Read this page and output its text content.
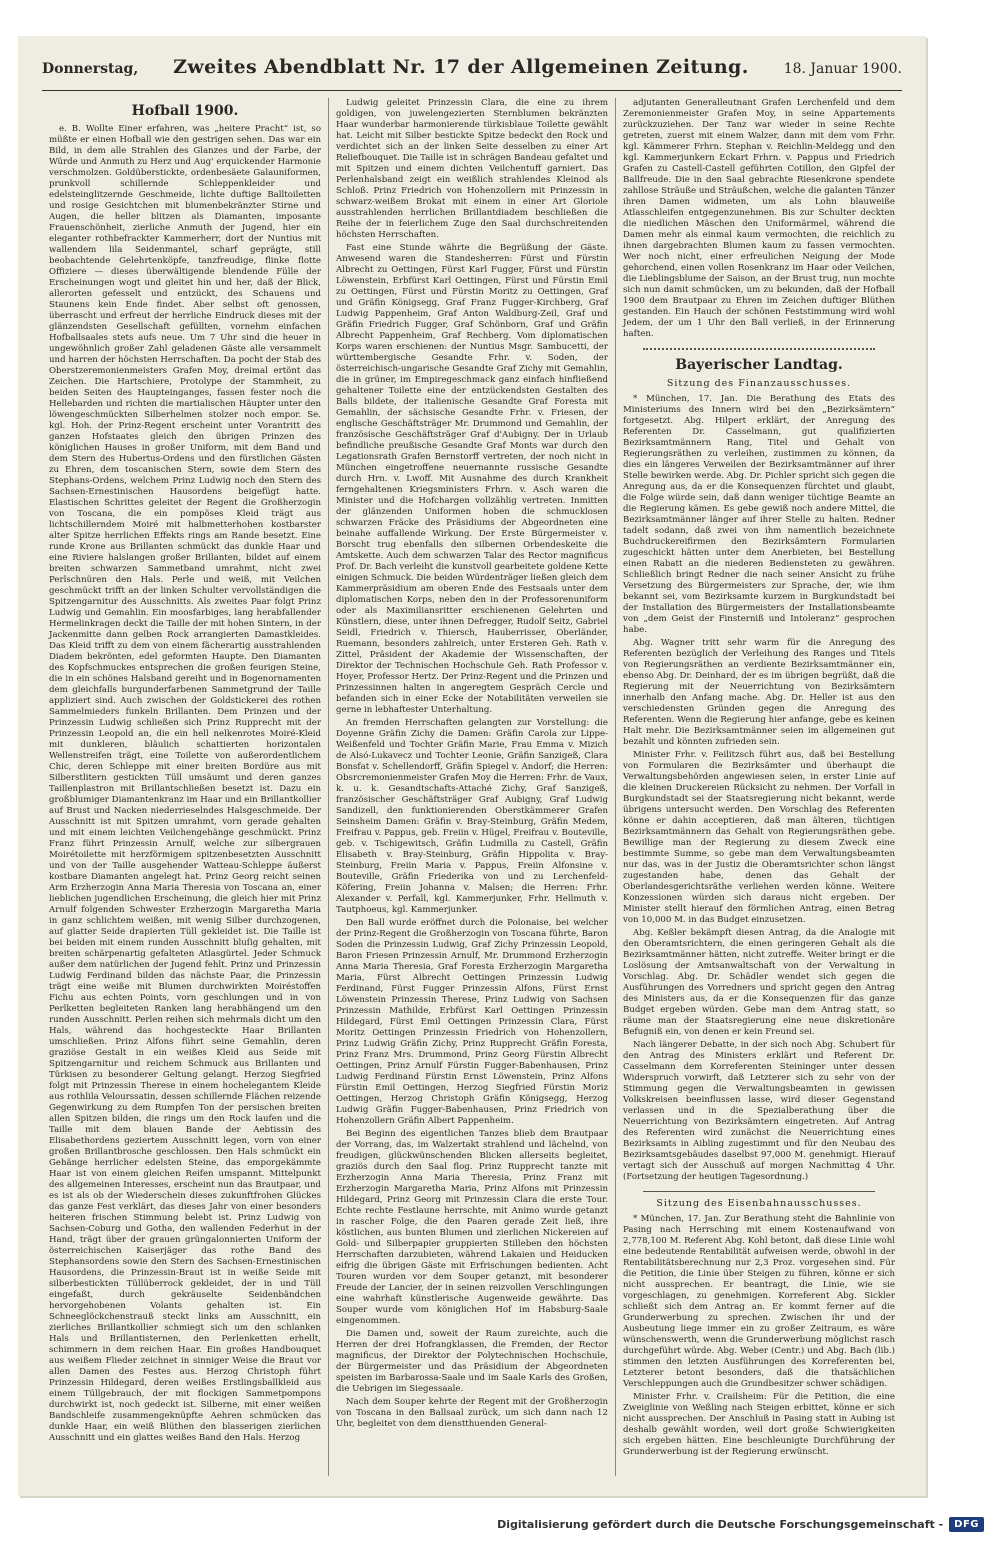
Donnerstag, Zweites Abendblatt Nr. 17 der Allgemeinen Zeitung. 18. Januar 1900.
Hofball 1900.

e. B. Wollte Einer erfahren, was „heitere Pracht“ ist, so müßte er einen Hofball wie den gestrigen sehen. Das war ein Bild, in dem alle Strahlen des Glanzes und der Farbe, der Würde und Anmuth zu Herz und Aug' erquickender Harmonie verschmolzen. Goldüberstickte, ordenbesäete Galauniformen, prunkvoll schillernde Schleppenkleider und edelsteinglitzernde Geschmeide, lichte duftige Balltoiletten und rosige Gesichtchen mit blumenbekränzter Stirne und Augen, die heller blitzen als Diamanten, imposante Frauenschönheit, zierliche Anmuth der Jugend, hier ein eleganter rothbefrackter Kammerherr, dort der Nuntius mit wallendem lila Seidenmantel, scharf geprägte, still beobachtende Gelehrtenköpfe, tanzfreudige, flinke flotte Offiziere — dieses überwältigende blendende Fülle der Erscheinungen wogt und gleitet hin und her, daß der Blick, allerorten gefesselt und entzückt, des Schauens und Staunens kein Ende findet. Aber selbst oft genossen, überrascht und erfreut der herrliche Eindruck dieses mit der glänzendsten Gesellschaft gefüllten, vornehm einfachen Hofballsaales stets aufs neue. Um 7 Uhr sind die heuer in ungewöhnlich großer Zahl geladenen Gäste alle versammelt und harren der höchsten Herrschaften. Da pocht der Stab des Oberstzeremonienmeisters Grafen Moy, dreimal ertönt das Zeichen. Die Hartschiere, Protolype der Stammheit, zu beiden Seiten des Haupteinganges, fassen fester noch die Hellebarden und richten die martialischen Häupter unter den löwengeschmückten Silberhelmen stolzer noch empor. Se. kgl. Hoh. der Prinz-Regent erscheint unter Vorantritt des ganzen Hofstaates gleich den übrigen Prinzen des königlichen Hauses in großer Uniform, mit dem Band und dem Stern des Hubertus-Ordens und den fürstlichen Gästen zu Ehren, dem toscanischen Stern, sowie dem Stern des Stephans-Ordens, welchem Prinz Ludwig noch den Stern des Sachsen-Ernestinischen Hausordens beigefügt hatte. Elastischen Schrittes geleitet der Regent die Großherzogin von Toscana, die ein pompöses Kleid trägt aus lichtschillerndem Moiré mit halbmetterhohen kostbarster alter Spitze herrlichen Effekts rings am Rande besetzt. Eine runde Krone aus Brillanten schmückt das dunkle Haar und eine Riviere halslangen großer Brillanten, bildet auf einem breiten schwarzen Sammetband umrahmt, nicht zwei Perlschnüren den Hals. Perle und weiß, mit Veilchen geschmückt trifft an der linken Schulter vervollständigen die Spitzengarnitur des Ausschnitts. Als zweites Paar folgt Prinz Ludwig und Gemahlin. Ein moosfarbiges, lang herabfallender Hermelinkragen deckt die Taille der mit hohen Sintern, in der Jackenmitte dann gelben Rock arrangierten Damastkleides. Das Kleid trifft zu dem von einem fächerartig ausstrahlenden Diadem bekrönten, edel geformten Haupte. Den Diamanten des Kopfschmuckes entsprechen die großen feurigen Steine, die in ein schönes Halsband gereiht und in Bogenornamenten dem gleichfalls burgunderfarbenen Sammetgrund der Taille appliziert sind. Auch zwischen der Goldstickerei des rothen Sammelmieders funkeln Brillanten. Dem Prinzen und der Prinzessin Ludwig schließen sich Prinz Rupprecht mit der Prinzessin Leopold an, die ein hell nelkenrotes Moiré-Kleid mit dunkleren, bläulich schattierten horizontalen Wellenstreifen trägt, eine Toilette von außerordentlichem Chic, deren Schleppe mit einer breiten Bordüre aus mit Silberstlitern gestickten Tüll umsäumt und deren ganzes Taillenplastron mit Brillantschließen besetzt ist. Dazu ein großblumiger Diamantenkranz im Haar und ein Brillantkollier auf Brust und Nacken niederrieselndes Halsgeschmeide. Der Ausschnitt ist mit Spitzen umrahmt, vorn gerade gehalten und mit einem leichten Veilchengehänge geschmückt. Prinz Franz führt Prinzessin Arnulf, welche zur silbergrauen Moirétoilette mit herzförmigem spitzenbesetzten Ausschnitt und von der Taille ausgehender Watteau-Schleppe äußerst kostbare Diamanten angelegt hat. Prinz Georg reicht seinen Arm Erzherzogin Anna Maria Theresia von Toscana an, einer lieblichen jugendlichen Erscheinung, die gleich hier mit Prinz Arnulf folgenden Schwester Erzherzogin Margaretha Maria in ganz schlichtem weißen, mit wenig Silber durchzogenen, auf glatter Seide drapierten Tüll gekleidet ist. Die Taille ist bei beiden mit einem runden Ausschnitt bluſig gehalten, mit breiten schärpenartig gefalteten Atlasgürtel. Jeder Schmuck außer dem natürlichen der Jugend fehlt. Prinz und Prinzessin Ludwig Ferdinand bilden das nächste Paar, die Prinzessin trägt eine weiße mit Blumen durchwirkten Moiréstoffen Fichu aus echten Points, vorn geschlungen und in von Perlketten begleiteten Ranken lang herabhängend um den runden Ausschnitt. Perlen reihen sich mehrmals dicht um den Hals, während das hochgesteckte Haar Brillanten umschließen. Prinz Alfons führt seine Gemahlin, deren graziöse Gestalt in ein weißes Kleid aus Seide mit Spitzengarnitur und reichem Schmuck aus Brillanten und Türkisen zu besonderer Geltung gelangt. Herzog Siegfried folgt mit Prinzessin Therese in einem hochelegantem Kleide aus rothlila Velourssatin, dessen schillernde Flächen reizende Gegenwirkung zu dem Rumpfen Ton der persischen breiten allen Spitzen bilden, die rings um den Rock laufen und die Taille mit dem blauen Bande der Aebtissin des Elisabethordens geziertem Ausschnitt legen, vorn von einer großen Brillantbrosche geschlossen. Den Hals schmückt ein Gehänge herrlicher edelsten Steine, das emporgekämmte Haar ist von einem gleichen Reifen umspannt. Mittelpunkt des allgemeinen Interesses, erscheint nun das Brautpaar, und es ist als ob der Wiederschein dieses zukunftfrohen Glückes das ganze Fest verklärt, das dieses Jahr von einer besonders heiteren frischen Stimmung belebt ist. Prinz Ludwig von Sachsen-Coburg und Gotha, den wallenden Federhut in der Hand, trägt über der grauen grüngalonnierten Uniform der österreichischen Kaiserjäger das rothe Band des Stephansordens sowie den Stern des Sachsen-Ernestinischen Hausordens, die Prinzessin-Braut ist in weiße Seide mit silberbestickten Tüllüberrock gekleidet, der in und Tüll eingefaßt, durch gekräuselte Seidenbändchen hervorgehobenen Volants gehalten ist. Ein Schneeglöckchenstrauß steckt links am Ausschnitt, ein zierliches Brillantkollier schmiegt sich um den schlanken Hals und Brillantisternen, den Perlenketten erhellt, schimmern in dem reichen Haar. Ein großes Handbouquet aus weißem Flieder zeichnet in sinniger Weise die Braut vor allen Damen des Festes aus. Herzog Christoph führt Prinzessin Hildegard, deren weißes Erstlingsballkleid aus einem Tüllgebrauch, der mit flockigen Sammetpompons durchwirkt ist, noch gedeckt ist. Silberne, mit einer weißen Bandschleife zusammengeknüpfte Aehren schmücken das dunkle Haar, ein weiß Blüthen den blasserigen zierlichen Ausschnitt und ein glattes weißes Band den Hals. Herzog

Ludwig geleitet Prinzessin Clara, die eine zu ihrem goldigen, von juwelengezierten Sternblumen bekränzten Haar wunderbar harmonierende türkisblaue Toilette gewählt hat. Leicht mit Silber bestickte Spitze bedeckt den Rock und verdichtet sich an der linken Seite desselben zu einer Art Reliefbouquet. Die Taille ist in schrägen Bandeau gefaltet und mit Spitzen und einem dichten Veilchentuff garniert. Das Perlenhalsband zeigt ein weißlich strahlendes Kleinod als Schloß. Prinz Friedrich von Hohenzollern mit Prinzessin in schwarz-weißem Brokat mit einem in einer Art Gloriole ausstrahlenden herrlichen Brillantdiadem beschließen die Reihe der in feierlichem Zuge den Saal durchschreitenden höchsten Herrschaften.

Fast eine Stunde währte die Begrüßung der Gäste. Anwesend waren die Standesherren: Fürst und Fürstin Albrecht zu Oettingen, Fürst Karl Fugger, Fürst und Fürstin Löwenstein, Erbfürst Karl Oettingen, Fürst und Fürstin Emil zu Oettingen, Fürst und Fürstin Moritz zu Oettingen, Graf und Gräfin Königsegg, Graf Franz Fugger-Kirchberg, Graf Ludwig Pappenheim, Graf Anton Waldburg-Zeil, Graf und Gräfin Friedrich Fugger, Graf Schönborn, Graf und Gräfin Albrecht Pappenheim, Graf Rechberg. Vom diplomatischen Korps waren erschienen: der Nuntius Msgr. Sambucetti, der württembergische Gesandte Frhr. v. Soden, der österreichisch-ungarische Gesandte Graf Zichy mit Gemahlin, die in grüner, im Empiregeschmack ganz einfach hinfließend gehaltener Toilette eine der entzückendsten Gestalten des Balls bildete, der italienische Gesandte Graf Foresta mit Gemahlin, der sächsische Gesandte Frhr. v. Friesen, der englische Geschäftsträger Mr. Drummond und Gemahlin, der französische Geschäftsträger Graf d'Aubigny. Der in Urlaub befindliche preußische Gesandte Graf Monts war durch den Legationsrath Grafen Bernstorff vertreten, der noch nicht in München eingetroffene neuernannte russische Gesandte durch Hrn. v. Lwoff. Mit Ausnahme des durch Krankheit ferngehaltenen Kriegsministers Frhrn. v. Asch waren die Minister und die Hofchargen vollzählig vertreten. Inmitten der glänzenden Uniformen hoben die schmucklosen schwarzen Fräcke des Präsidiums der Abgeordneten eine beinahe auffallende Wirkung. Der Erste Bürgermeister v. Borscht trug ebenfalls den silbernen Orbendeskeite die Amtskette. Auch dem schwarzen Talar des Rector magnificus Prof. Dr. Bach verleiht die kunstvoll gearbeitete goldene Kette einigen Schmuck. Die beiden Würdenträger ließen gleich dem Kammerpräsidium am oberen Ende des Festsaals unter dem diplomatischen Korps, neben den in der Professorenuniform oder als Maximiliansritter erschienenen Gelehrten und Künstlern, diese, unter ihnen Defregger, Rudolf Seitz, Gabriel Seidl, Friedrich v. Thiersch, Hauberrisser, Oberländer, Ruemann, besonders zahlreich, unter Ersteren Geh. Rath v. Zittel, Präsident der Akademie der Wissenschaften, der Direktor der Technischen Hochschule Geh. Rath Professor v. Hoyer, Professor Hertz. Der Prinz-Regent und die Prinzen und Prinzessinnen halten in angeregtem Gespräch Cercle und befanden sich in einer Ecke der Notabilitäten verweilen sie gerne in lebhaftester Unterhaltung.

An fremden Herrschaften gelangten zur Vorstellung: die Doyenne Gräfin Zichy die Damen: Gräfin Carola zur Lippe-Weißenfeld und Tochter Gräfin Marie, Frau Emma v. Mizich de Alsó-Lukavecz und Tochter Leonie, Gräfin Sanzigeß, Clara Bonsfat v. Schellendorff, Gräfin Spiegel v. Andorf; die Herren: Obsrcremonienmeister Grafen Moy die Herren: Frhr. de Vaux, k. u. k. Gesandtschafts-Attaché Zichy, Graf Sanzigeß, französischer Geschäftsträger Graf Aubigny, Graf Ludwig Sandizell, den funktionierenden Oberstkämmerer Grafen Seinsheim Damen: Gräfin v. Bray-Steinburg, Gräfin Medem, Freifrau v. Pappus, geb. Freiin v. Hügel, Freifrau v. Bouteville, geb. v. Tschigewitsch, Gräfin Ludmilla zu Castell, Gräfin Elisabeth v. Bray-Steinburg, Gräfin Hippolita v. Bray-Steinburg, Freiin Maria v. Pappus, Freiin Alfonsine v. Bouteville, Gräfin Friederika von und zu Lerchenfeld-Köfering, Freiin Johanna v. Malsen; die Herren: Frhr. Alexander v. Perfall, kgl. Kammerjunker, Frhr. Hellmuth v. Tautphoeus, kgl. Kammerjunker.

Den Ball wurde eröffnet durch die Polonaise, bei welcher der Prinz-Regent die Großherzogin von Toscana führte, Baron Soden die Prinzessin Ludwig, Graf Zichy Prinzessin Leopold, Baron Friesen Prinzessin Arnulf, Mr. Drummond Erzherzogin Anna Maria Theresia, Graf Foresta Erzherzogin Margaretha Maria, Fürst Albrecht Oettingen Prinzessin Ludwig Ferdinand, Fürst Fugger Prinzessin Alfons, Fürst Ernst Löwenstein Prinzessin Therese, Prinz Ludwig von Sachsen Prinzessin Mathilde, Erbfürst Karl Oettingen Prinzessin Hildegard, Fürst Emil Oettingen Prinzessin Clara, Fürst Moritz Oettingen Prinzessin Friedrich von Hohenzollern, Prinz Ludwig Gräfin Zichy, Prinz Rupprecht Gräfin Foresta, Prinz Franz Mrs. Drummond, Prinz Georg Fürstin Albrecht Oettingen, Prinz Arnulf Fürstin Fugger-Babenhausen, Prinz Ludwig Ferdinand Fürstin Ernst Löwenstein, Prinz Alfons Fürstin Emil Oettingen, Herzog Siegfried Fürstin Moriz Oettingen, Herzog Christoph Gräfin Königsegg, Herzog Ludwig Gräfin Fugger-Babenhausen, Prinz Friedrich von Hohenzollern Gräfin Albert Pappenheim.

Bei Beginn des eigentlichen Tanzes blieb dem Brautpaar der Vorrang, das, im Walzertakt strahlend und lächelnd, von freudigen, glückwünschenden Blicken allerseits begleitet, graziös durch den Saal flog. Prinz Rupprecht tanzte mit Erzherzogin Anna Maria Theresia, Prinz Franz mit Erzherzogin Margaretha Maria, Prinz Alfons mit Prinzessin Hildegard, Prinz Georg mit Prinzessin Clara die erste Tour. Echte rechte Festlaune herrschte, mit Animo wurde getanzt in rascher Folge, die den Paaren gerade Zeit ließ, ihre köstlichen, aus bunten Blumen und zierlichen Nickereien auf Gold- und Silberpapier gruppierten Stilleben den höchsten Herrschaften darzubieten, während Lakaien und Heiducken eifrig die übrigen Gäste mit Erfrischungen bedienten. Acht Touren wurden vor dem Souper getanzt, mit besonderer Freude der Lancier, der in seinen reizvollen Verschlingungen eine wahrhaft künstlerische Augenweide gewährte. Das Souper wurde vom königlichen Hof im Habsburg-Saale eingenommen.

Die Damen und, soweit der Raum zureichte, auch die Herren der drei Hofrangklassen, die Fremden, der Rector magnificus, der Direktor der Polytechnischen Hochschule, der Bürgermeister und das Präsidium der Abgeordneten speisten im Barbarossa-Saale und im Saale Karls des Großen, die Uebrigen im Siegessaale.

Nach dem Souper kehrte der Regent mit der Großherzogin von Toscana in den Ballsaal zurück, um sich dann nach 12 Uhr, begleitet von dem dienstthuenden General-

adjutanten Generalleutnant Grafen Lerchenfeld und dem Zeremonienmeister Grafen Moy, in seine Appartements zurückzuziehen. Der Tanz war wieder in seine Rechte getreten, zuerst mit einem Walzer, dann mit dem vom Frhr. kgl. Kämmerer Frhrn. Stephan v. Reichlin-Meldegg und den kgl. Kammerjunkern Eckart Frhrn. v. Pappus und Friedrich Grafen zu Castell-Castell geführten Cotillon, den Gipfel der Ballfreude. Die in den Saal gebrachte Riesenkrone spendete zahllose Sträuße und Sträußchen, welche die galanten Tänzer ihren Damen widmeten, um als Lohn blauweiße Atlasschleifen entgegenzunehmen. Bis zur Schulter deckten die niedlichen Mäschen den Uniformärmel, während die Damen mehr als einmal kaum vermochten, die reichlich zu ihnen dargebrachten Blumen kaum zu fassen vermochten. Wer noch nicht, einer erfreulichen Neigung der Mode gehorchend, einen vollen Rosenkranz im Haar oder Veilchen, die Lieblingsblume der Saison, an der Brust trug, nun mochte sich nun damit schmücken, um zu bekunden, daß der Hofball 1900 dem Brautpaar zu Ehren im Zeichen duftiger Blüthen gestanden. Ein Hauch der schönen Feststimmung wird wohl Jedem, der um 1 Uhr den Ball verließ, in der Erinnerung haften.

Bayerischer Landtag.
Sitzung des Finanzausschusses.

* München, 17. Jan. Die Berathung des Etats des Ministeriums des Innern wird bei den „Bezirksämtern“ fortgesetzt. Abg. Hilpert erklärt, der Anregung des Referenten Dr. Casselmann, gut qualifizierten Bezirksamtmännern Rang, Titel und Gehalt von Regierungsräthen zu verleihen, zustimmen zu können, da dies ein längeres Verweilen der Bezirksamtmänner auf ihrer Stelle bewirken werde. Abg. Dr. Pichler spricht sich gegen die Anregung aus, da er die Konsequenzen fürchtet und glaubt, die Folge würde sein, daß dann weniger tüchtige Beamte an die Regierung kämen. Es gebe gewiß noch andere Mittel, die Bezirksamtmänner länger auf ihrer Stelle zu halten. Redner tadelt sodann, daß zwei von ihm namentlich bezeichnete Buchdruckereifirmen den Bezirksämtern Formularien zugeschickt hätten unter dem Anerbieten, bei Bestellung einen Rabatt an die niederen Bediensteten zu gewähren. Schließlich bringt Redner die nach seiner Ansicht zu frühe Versetzung des Bürgermeisters zur Sprache, der, wie ihm bekannt sei, vom Bezirksamte kurzem in Burgkundstadt bei der Installation des Bürgermeisters der Installationsbeamte von „dem Geist der Finsterniß und Intoleranz“ gesprochen habe.

Abg. Wagner tritt sehr warm für die Anregung des Referenten bezüglich der Verleihung des Ranges und Titels von Regierungsräthen an verdiente Bezirksamtmänner ein, ebenso Abg. Dr. Deinhard, der es im übrigen begrüßt, daß die Regierung mit der Neuerrichtung von Bezirksämtern innerhalb den Anfang mache. Abg. Dr. Heller ist aus den verschiedensten Gründen gegen die Anregung des Referenten. Wenn die Regierung hier anfange, gebe es keinen Halt mehr. Die Bezirksamtmänner seien im allgemeinen gut bezahlt und könnten zufrieden sein.

Minister Frhr. v. Feilitzsch führt aus, daß bei Bestellung von Formularen die Bezirksämter und überhaupt die Verwaltungsbehörden angewiesen seien, in erster Linie auf die kleinen Druckereien Rücksicht zu nehmen. Der Vorfall in Burgkundstadt sei der Staatsregierung nicht bekannt, werde übrigens untersucht werden. Den Vorschlag des Referenten könne er dahin acceptieren, daß man älteren, tüchtigen Bezirksamtmännern das Gehalt von Regierungsräthen gebe. Bewillige man der Regierung zu diesem Zweck eine bestimmte Summe, so gebe man dem Verwaltungsbeamten nur das, was in der Justiz die Oberamtsrichter schon längst zugestanden habe, denen das Gehalt der Oberlandesgerichtsräthe verliehen werden könne. Weitere Konzessionen würden sich daraus nicht ergeben. Der Minister stellt hierauf den förmlichen Antrag, einen Betrag von 10,000 M. in das Budget einzusetzen.

Abg. Keßler bekämpft diesen Antrag, da die Analogie mit den Oberamtsrichtern, die einen geringeren Gehalt als die Bezirksamtmänner hätten, nicht zutreffe. Weiter bringt er die Loslösung der Amtsanwaltschaft von der Verwaltung in Vorschlag. Abg. Dr. Schädler wendet sich gegen die Ausführungen des Vorredners und spricht gegen den Antrag des Ministers aus, da er die Konsequenzen für das ganze Budget ergeben würden. Gebe man dem Antrag statt, so räume man der Staatsregierung eine neue diskretionäre Befugniß ein, von denen er kein Freund sei.

Nach längerer Debatte, in der sich noch Abg. Schubert für den Antrag des Ministers erklärt und Referent Dr. Casselmann dem Korreferenten Steininger unter dessen Widerspruch vorwirft, daß Letzterer sich zu sehr von der Stimmung gegen die Verwaltungsbeamten in gewissen Volkskreisen beeinflussen lasse, wird dieser Gegenstand verlassen und in die Spezialberathung über die Neuerrichtung von Bezirksämtern eingetreten. Auf Antrag des Referenten wird zunächst die Neuerrichtung eines Bezirksamts in Aibling zugestimmt und für den Neubau des Bezirksamtsgebäudes daselbst 97,000 M. genehmigt. Hierauf vertagt sich der Ausschuß auf morgen Nachmittag 4 Uhr. (Fortsetzung der heutigen Tagesordnung.)

Sitzung des Eisenbahnausschusses.

* München, 17. Jan. Zur Berathung steht die Bahnlinie von Pasing nach Herrsching mit einem Kostenaufwand von 2,778,100 M. Referent Abg. Kohl betont, daß diese Linie wohl eine bedeutende Rentabilität aufweisen werde, obwohl in der Rentabilitätsberechnung nur 2,3 Proz. vorgesehen sind. Für die Petition, die Linie über Steigen zu führen, könne er sich nicht aussprechen. Er beantragt, die Linie, wie sie vorgeschlagen, zu genehmigen. Korreferent Abg. Sickler schließt sich dem Antrag an. Er kommt ferner auf die Grunderwerbung zu sprechen. Zwischen ihr und der Ausbeutung liege immer ein zu großer Zeitraum, es wäre wünschenswerth, wenn die Grunderwerbung möglichst rasch durchgeführt würde. Abg. Weber (Centr.) und Abg. Bach (lib.) stimmen den letzten Ausführungen des Korreferenten bei, Letzterer betont besonders, daß die thatsächlichen Verschleppungen auch die Grundbesitzer schwer schädigen.

Minister Frhr. v. Crailsheim: Für die Petition, die eine Zweiglinie von Weßling nach Steigen erbittet, könne er sich nicht aussprechen. Der Anschluß in Pasing statt in Aubing ist deshalb gewählt worden, weil dort große Schwierigkeiten sich ergeben hätten. Eine beschleunigte Durchführung der Grunderwerbung ist der Regierung erwünscht.

Digitalisierung gefördert durch die Deutsche Forschungsgemeinschaft -	DFG
